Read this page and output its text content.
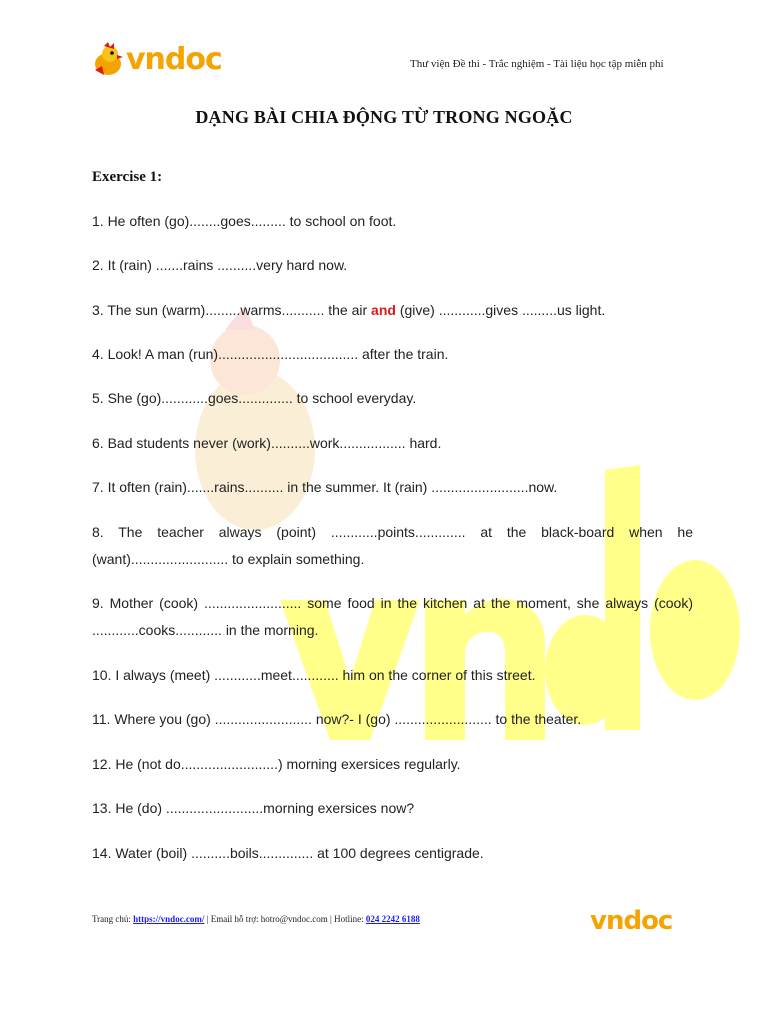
vndoc	Thư viện Đề thi - Trắc nghiệm - Tài liệu học tập miễn phí
DẠNG BÀI CHIA ĐỘNG TỪ TRONG NGOẶC
Exercise 1:
1. He often (go)........goes......... to school on foot.
2. It (rain) .......rains ..........very hard now.
3. The sun (warm).........warms........... the air and (give) ............gives .........us light.
4. Look! A man (run).................................... after the train.
5. She (go)............goes.............. to school everyday.
6. Bad students never (work)..........work................. hard.
7. It often (rain).......rains.......... in the summer. It (rain) .........................now.
8. The teacher always (point) ............points............. at the black-board when he (want)......................... to explain something.
9. Mother (cook) ......................... some food in the kitchen at the moment, she always (cook) ............cooks............ in the morning.
10. I always (meet) ............meet............ him on the corner of this street.
11. Where you (go) ......................... now?- I (go) ......................... to the theater.
12. He (not do.........................) morning exersices regularly.
13. He (do) .........................morning exersices now?
14. Water (boil) ..........boils.............. at 100 degrees centigrade.
Trang chủ: https://vndoc.com/ | Email hỗ trợ: hotro@vndoc.com | Hotline: 024 2242 6188	vndoc
